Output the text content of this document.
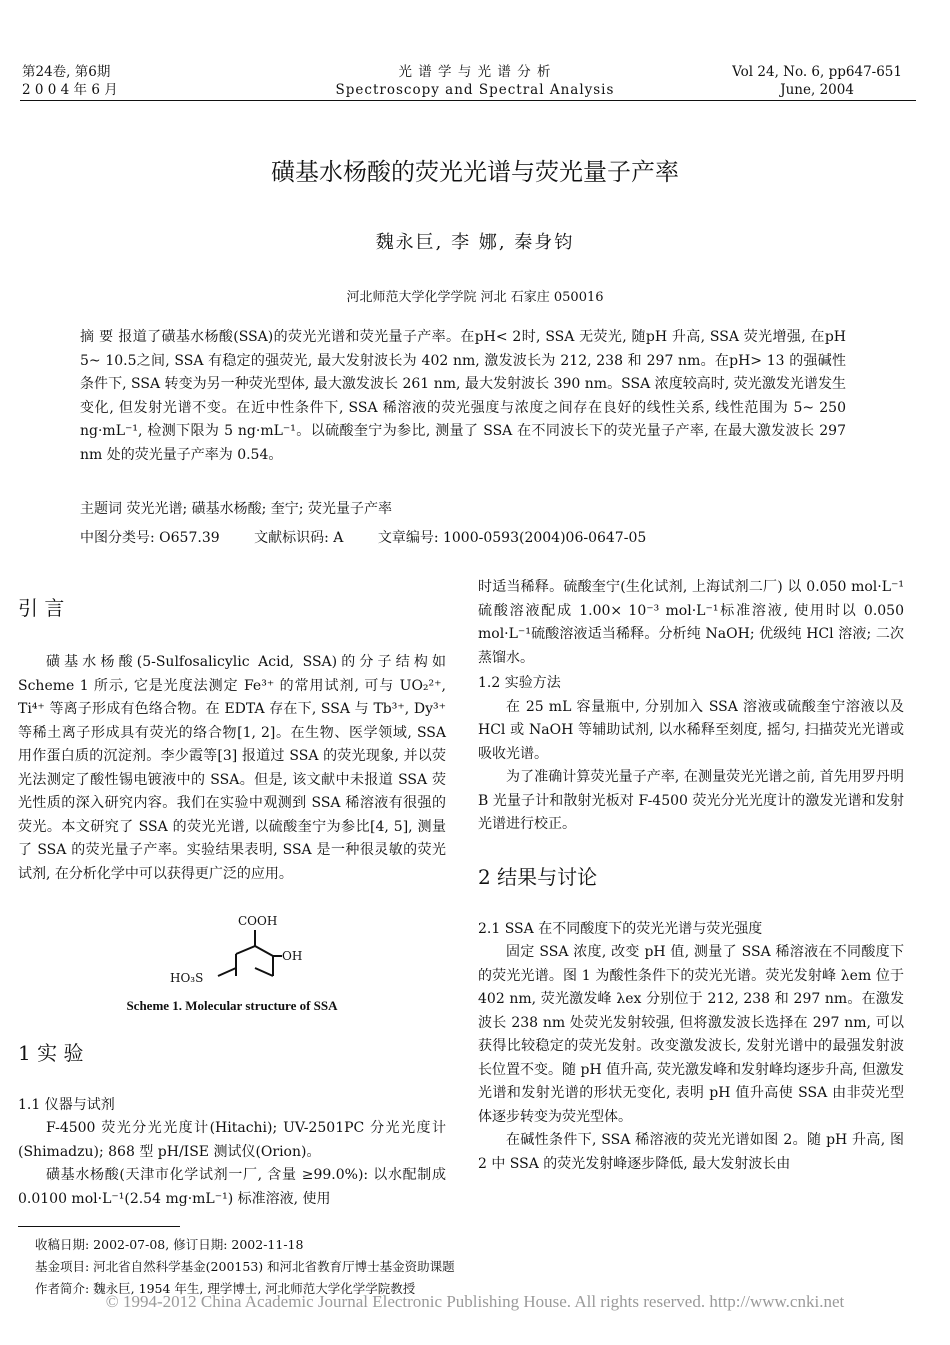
第24卷, 第6期
2 0 0 4 年 6 月
光 谱 学 与 光 谱 分 析
Spectroscopy and Spectral Analysis
Vol 24, No. 6, pp647-651
June, 2004
磺基水杨酸的荧光光谱与荧光量子产率
魏永巨, 李 娜, 秦身钧
河北师范大学化学学院 河北 石家庄 050016
摘 要 报道了磺基水杨酸(SSA)的荧光光谱和荧光量子产率。在pH< 2时, SSA 无荧光, 随pH 升高, SSA 荧光增强, 在pH 5~ 10.5之间, SSA 有稳定的强荧光, 最大发射波长为 402 nm, 激发波长为 212, 238 和 297 nm。在pH> 13 的强碱性条件下, SSA 转变为另一种荧光型体, 最大激发波长 261 nm, 最大发射波长 390 nm。SSA 浓度较高时, 荧光激发光谱发生变化, 但发射光谱不变。在近中性条件下, SSA 稀溶液的荧光强度与浓度之间存在良好的线性关系, 线性范围为 5~ 250 ng·mL⁻¹, 检测下限为 5 ng·mL⁻¹。以硫酸奎宁为参比, 测量了 SSA 在不同波长下的荧光量子产率, 在最大激发波长 297 nm 处的荧光量子产率为 0.54。
主题词 荧光光谱; 磺基水杨酸; 奎宁; 荧光量子产率
中图分类号: O657.39 文献标识码: A 文章编号: 1000-0593(2004)06-0647-05
引 言

磺基水杨酸(5-Sulfosalicylic Acid, SSA)的分子结构如 Scheme 1 所示, 它是光度法测定 Fe³⁺ 的常用试剂, 可与 UO₂²⁺, Ti⁴⁺ 等离子形成有色络合物。在 EDTA 存在下, SSA 与 Tb³⁺, Dy³⁺ 等稀土离子形成具有荧光的络合物[1, 2]。在生物、医学领域, SSA 用作蛋白质的沉淀剂。李少霞等[3] 报道过 SSA 的荧光现象, 并以荧光法测定了酸性锡电镀液中的 SSA。但是, 该文献中未报道 SSA 荧光性质的深入研究内容。我们在实验中观测到 SSA 稀溶液有很强的荧光。本文研究了 SSA 的荧光光谱, 以硫酸奎宁为参比[4, 5], 测量了 SSA 的荧光量子产率。实验结果表明, SSA 是一种很灵敏的荧光试剂, 在分析化学中可以获得更广泛的应用。

COOH
OH
HO₃S
Scheme 1. Molecular structure of SSA
1 实 验
1.1 仪器与试剂

F-4500 荧光分光光度计(Hitachi); UV-2501PC 分光光度计(Shimadzu); 868 型 pH/ISE 测试仪(Orion)。

磺基水杨酸(天津市化学试剂一厂, 含量 ≥99.0%): 以水配制成 0.0100 mol·L⁻¹(2.54 mg·mL⁻¹) 标准溶液, 使用

时适当稀释。硫酸奎宁(生化试剂, 上海试剂二厂) 以 0.050 mol·L⁻¹硫酸溶液配成 1.00× 10⁻³ mol·L⁻¹标准溶液, 使用时以 0.050 mol·L⁻¹硫酸溶液适当稀释。分析纯 NaOH; 优级纯 HCl 溶液; 二次蒸馏水。

1.2 实验方法

在 25 mL 容量瓶中, 分别加入 SSA 溶液或硫酸奎宁溶液以及 HCl 或 NaOH 等辅助试剂, 以水稀释至刻度, 摇匀, 扫描荧光光谱或吸收光谱。

为了准确计算荧光量子产率, 在测量荧光光谱之前, 首先用罗丹明 B 光量子计和散射光板对 F-4500 荧光分光光度计的激发光谱和发射光谱进行校正。

2 结果与讨论
2.1 SSA 在不同酸度下的荧光光谱与荧光强度

固定 SSA 浓度, 改变 pH 值, 测量了 SSA 稀溶液在不同酸度下的荧光光谱。图 1 为酸性条件下的荧光光谱。荧光发射峰 λem 位于 402 nm, 荧光激发峰 λex 分别位于 212, 238 和 297 nm。在激发波长 238 nm 处荧光发射较强, 但将激发波长选择在 297 nm, 可以获得比较稳定的荧光发射。改变激发波长, 发射光谱中的最强发射波长位置不变。随 pH 值升高, 荧光激发峰和发射峰均逐步升高, 但激发光谱和发射光谱的形状无变化, 表明 pH 值升高使 SSA 由非荧光型体逐步转变为荧光型体。

在碱性条件下, SSA 稀溶液的荧光光谱如图 2。随 pH 升高, 图 2 中 SSA 的荧光发射峰逐步降低, 最大发射波长由

收稿日期: 2002-07-08, 修订日期: 2002-11-18
基金项目: 河北省自然科学基金(200153) 和河北省教育厅博士基金资助课题
作者简介: 魏永巨, 1954 年生, 理学博士, 河北师范大学化学学院教授
© 1994-2012 China Academic Journal Electronic Publishing House. All rights reserved. http://www.cnki.net
